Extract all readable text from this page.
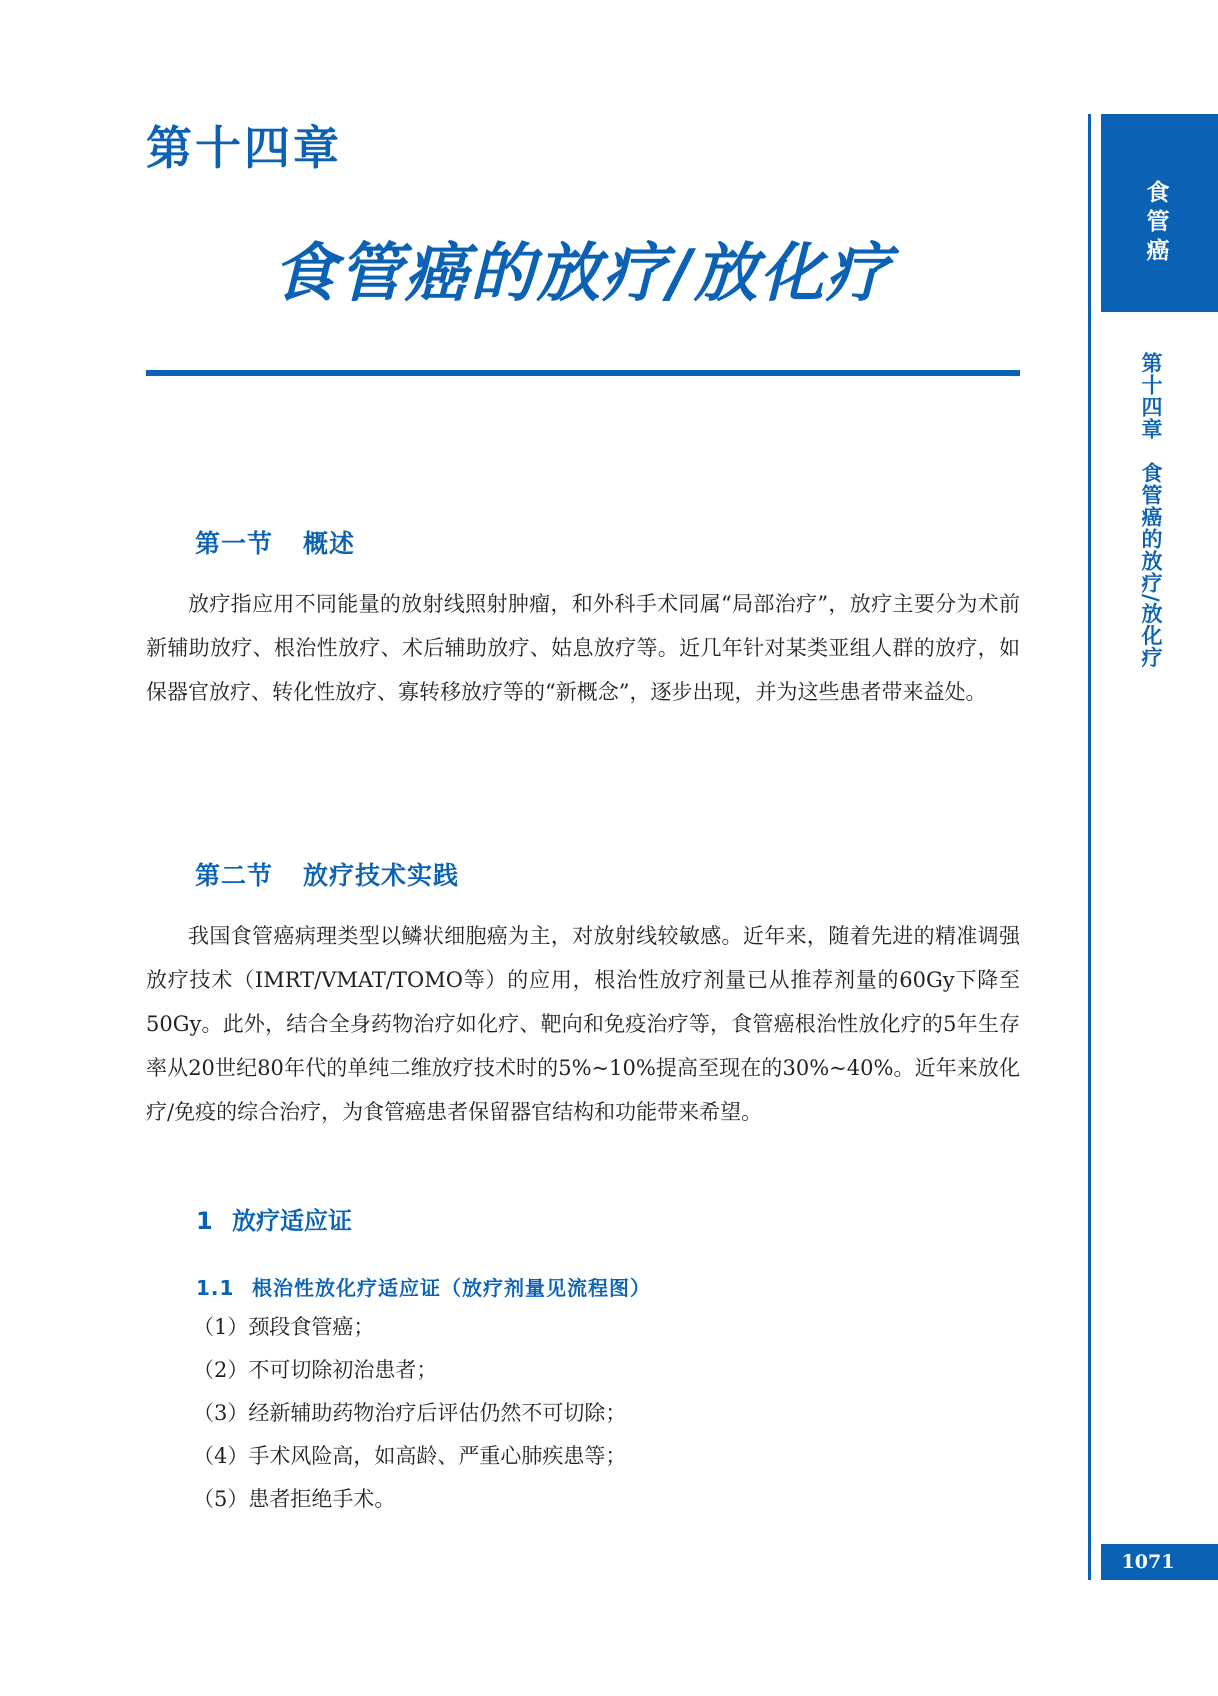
第十四章
食管癌的放疗/放化疗
第一节 概述

放疗指应用不同能量的放射线照射肿瘤，和外科手术同属“局部治疗”，放疗主要分为术前新辅助放疗、根治性放疗、术后辅助放疗、姑息放疗等。近几年针对某类亚组人群的放疗，如保器官放疗、转化性放疗、寡转移放疗等的“新概念”，逐步出现，并为这些患者带来益处。

第二节 放疗技术实践

我国食管癌病理类型以鳞状细胞癌为主，对放射线较敏感。近年来，随着先进的精准调强放疗技术（IMRT/VMAT/TOMO等）的应用，根治性放疗剂量已从推荐剂量的60Gy下降至50Gy。此外，结合全身药物治疗如化疗、靶向和免疫治疗等，食管癌根治性放化疗的5年生存率从20世纪80年代的单纯二维放疗技术时的5%~10%提高至现在的30%~40%。近年来放化疗/免疫的综合治疗，为食管癌患者保留器官结构和功能带来希望。

1 放疗适应证
1.1 根治性放化疗适应证（放疗剂量见流程图）
（1）颈段食管癌；
（2）不可切除初治患者；
（3）经新辅助药物治疗后评估仍然不可切除；
（4）手术风险高，如高龄、严重心肺疾患等；
（5）患者拒绝手术。
食管癌
第十四章　食管癌的放疗/放化疗
1071
